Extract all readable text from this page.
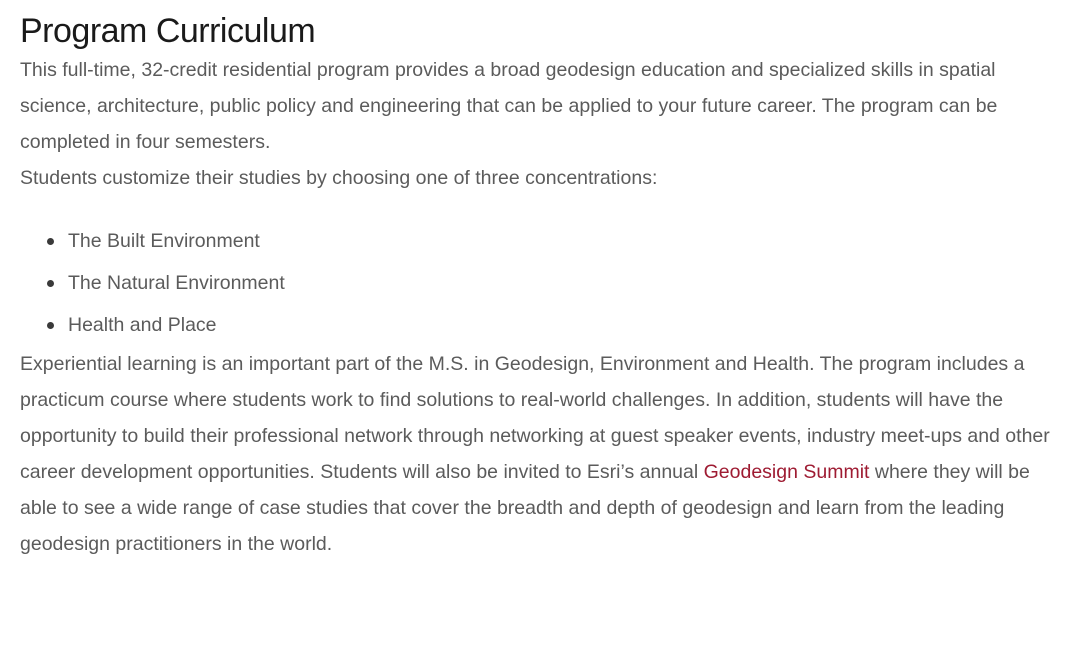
Program Curriculum

This full-time, 32-credit residential program provides a broad geodesign education and specialized skills in spatial science, architecture, public policy and engineering that can be applied to your future career. The program can be completed in four semesters.

Students customize their studies by choosing one of three concentrations:

The Built Environment
The Natural Environment
Health and Place

Experiential learning is an important part of the M.S. in Geodesign, Environment and Health. The program includes a practicum course where students work to find solutions to real-world challenges. In addition, students will have the opportunity to build their professional network through networking at guest speaker events, industry meet-ups and other career development opportunities. Students will also be invited to Esri’s annual Geodesign Summit where they will be able to see a wide range of case studies that cover the breadth and depth of geodesign and learn from the leading geodesign practitioners in the world.
